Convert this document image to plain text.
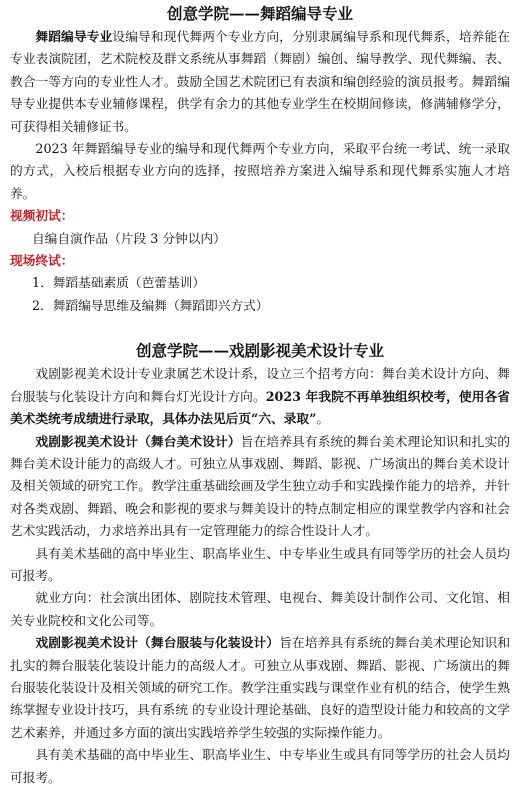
创意学院——舞蹈编导专业

舞蹈编导专业设编导和现代舞两个专业方向，分别隶属编导系和现代舞系，培养能在专业表演院团，艺术院校及群文系统从事舞蹈（舞剧）编创、编导教学、现代舞编、表、教合一等方向的专业性人才。鼓励全国艺术院团已有表演和编创经验的演员报考。舞蹈编导专业提供本专业辅修课程，供学有余力的其他专业学生在校期间修读，修满辅修学分，可获得相关辅修证书。

2023 年舞蹈编导专业的编导和现代舞两个专业方向，采取平台统一考试、统一录取的方式，入校后根据专业方向的选择，按照培养方案进入编导系和现代舞系实施人才培养。

视频初试：

自编自演作品（片段 3 分钟以内）

现场终试：

1．舞蹈基础素质（芭蕾基训）

2．舞蹈编导思维及编舞（舞蹈即兴方式）

创意学院——戏剧影视美术设计专业

戏剧影视美术设计专业隶属艺术设计系，设立三个招考方向：舞台美术设计方向、舞台服装与化装设计方向和舞台灯光设计方向。2023 年我院不再单独组织校考，使用各省美术类统考成绩进行录取，具体办法见后页“六、录取”。

戏剧影视美术设计（舞台美术设计）旨在培养具有系统的舞台美术理论知识和扎实的舞台美术设计能力的高级人才。可独立从事戏剧、舞蹈、影视、广场演出的舞台美术设计及相关领域的研究工作。教学注重基础绘画及学生独立动手和实践操作能力的培养，并针对各类戏剧、舞蹈、晚会和影视的要求与舞美设计的特点制定相应的课堂教学内容和社会艺术实践活动，力求培养出具有一定管理能力的综合性设计人才。

具有美术基础的高中毕业生、职高毕业生、中专毕业生或具有同等学历的社会人员均可报考。

就业方向：社会演出团体、剧院技术管理、电视台、舞美设计制作公司、文化馆、相关专业院校和文化公司等。

戏剧影视美术设计（舞台服装与化装设计）旨在培养具有系统的舞台美术理论知识和扎实的舞台服装化装设计能力的高级人才。可独立从事戏剧、舞蹈、影视、广场演出的舞台服装化装设计及相关领域的研究工作。教学注重实践与课堂作业有机的结合，使学生熟练掌握专业设计技巧，具有系统 的专业设计理论基础、良好的造型设计能力和较高的文学艺术素养，并通过多方面的演出实践培养学生较强的实际操作能力。

具有美术基础的高中毕业生、职高毕业生、中专毕业生或具有同等学历的社会人员均可报考。
